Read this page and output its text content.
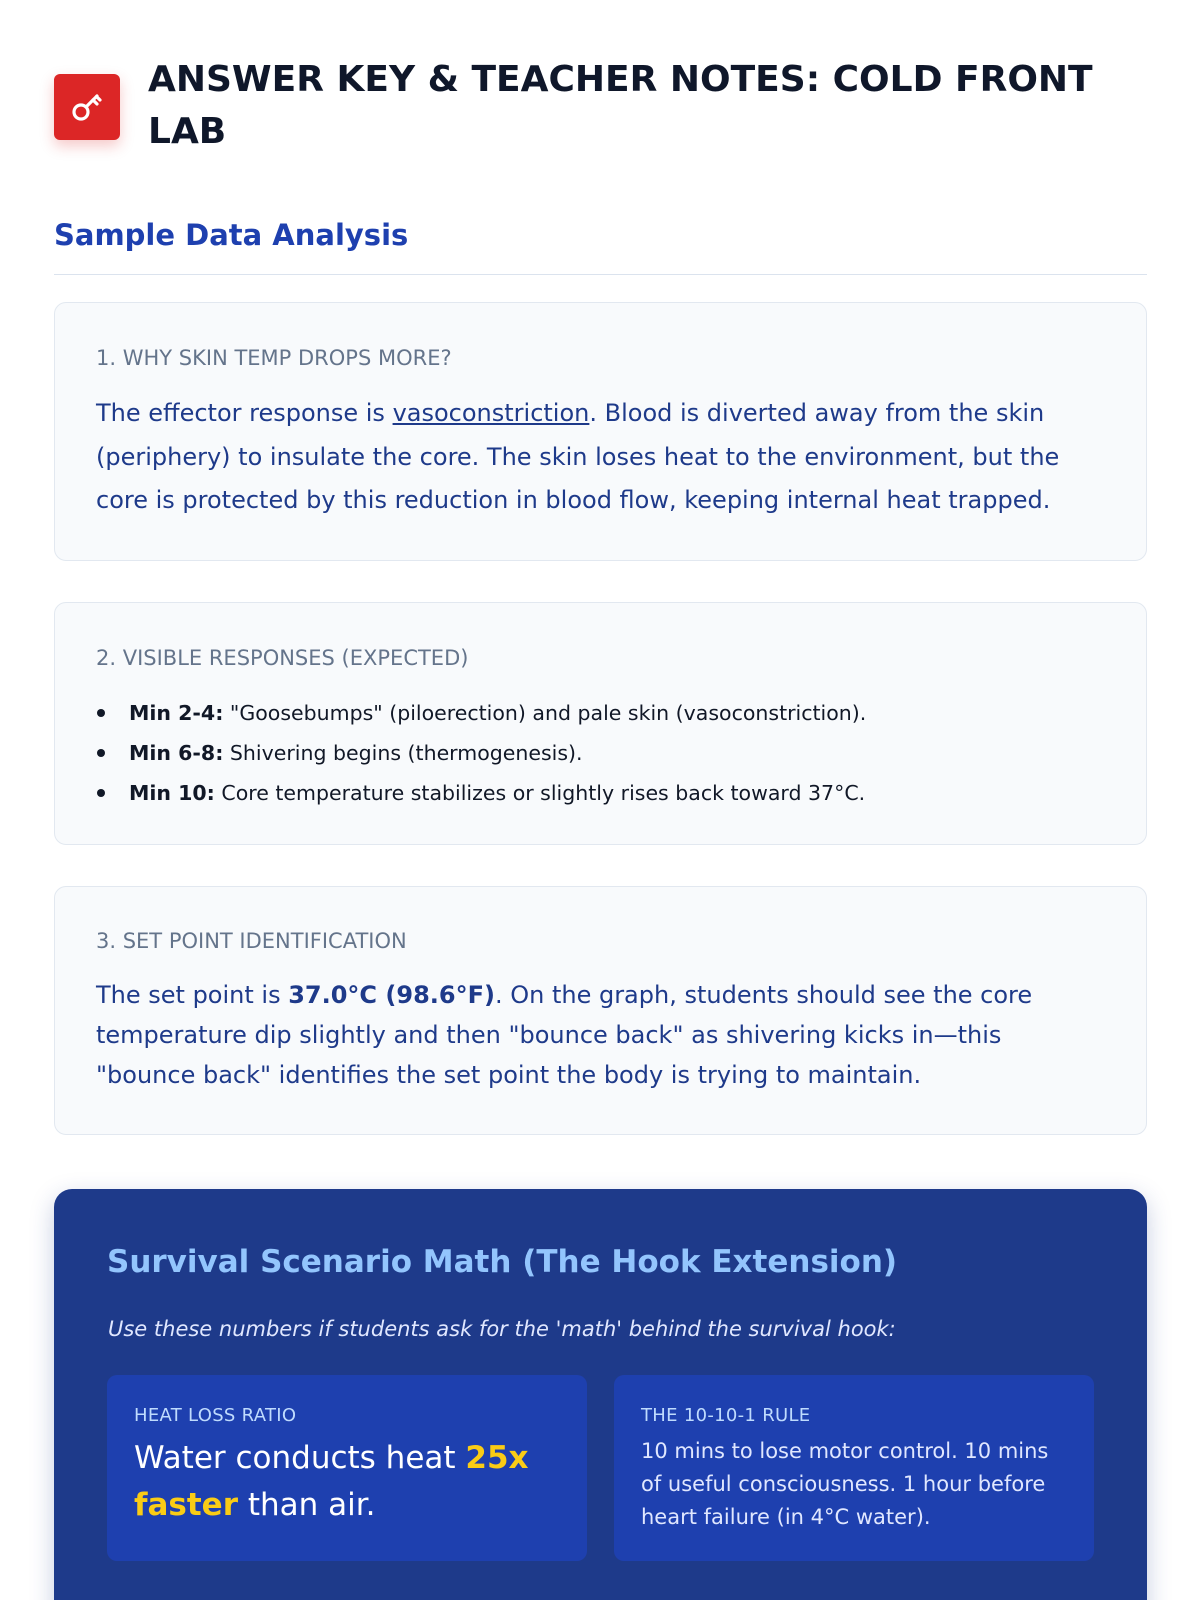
ANSWER KEY & TEACHER NOTES: COLD FRONT LAB
Sample Data Analysis
1. WHY SKIN TEMP DROPS MORE?

The effector response is vasoconstriction. Blood is diverted away from the skin (periphery) to insulate the core. The skin loses heat to the environment, but the core is protected by this reduction in blood flow, keeping internal heat trapped.

2. VISIBLE RESPONSES (EXPECTED)
Min 2-4: "Goosebumps" (piloerection) and pale skin (vasoconstriction).
Min 6-8: Shivering begins (thermogenesis).
Min 10: Core temperature stabilizes or slightly rises back toward 37°C.
3. SET POINT IDENTIFICATION

The set point is 37.0°C (98.6°F). On the graph, students should see the core temperature dip slightly and then "bounce back" as shivering kicks in—this "bounce back" identifies the set point the body is trying to maintain.

Survival Scenario Math (The Hook Extension)

Use these numbers if students ask for the 'math' behind the survival hook:

HEAT LOSS RATIO
Water conducts heat 25x faster than air.
THE 10-10-1 RULE
10 mins to lose motor control. 10 mins of useful consciousness. 1 hour before heart failure (in 4°C water).
